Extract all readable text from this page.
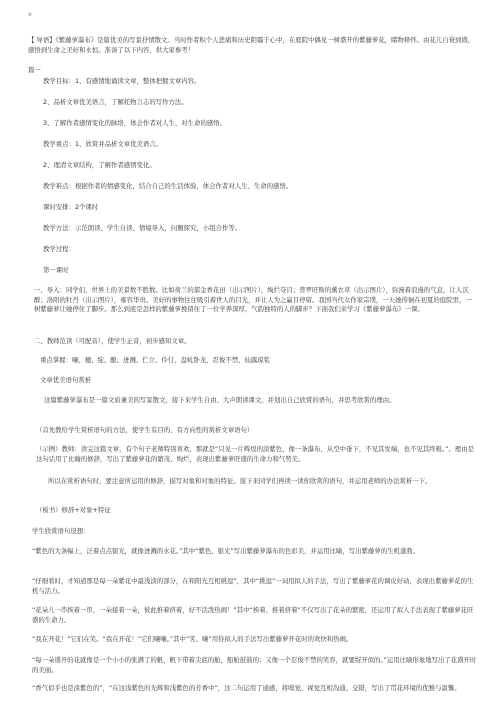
¤

【 导语】《紫藤萝瀑布》是篇优美的写景抒情散文。当时作者积个人悲痛和历史阴霾于心中，在庭院中偶见一树盛开的紫藤萝花，睹物释怀。由花儿自衰到盛，感悟到生命之美好和永恒。准备了以下内容，供大家参考！

篇一

教学目标：1、有感情地诵读文章，整体把握文章内容。

2、品析文章优美语言，了解托物言志的写作方法。

3、了解作者感情变化的脉络，体会作者对人生、对生命的感悟。

教学重点：1、欣赏并品析文章优美语言。

2、理清文章结构，了解作者感情变化。

教学难点：根据作者的情感变化，结合自己的生活体验，体会作者对人生、生命的感悟。

课时安排：2个课时

教学方法：示范朗读、学生自读、情境导入，问题探究，小组合作等。

教学过程：

第一课时

一、导入：同学们，世界上的美景数不胜数。比如荷兰的郁金香花田（出示图片），绚烂夺目；普罗旺斯的薰衣草（出示图片），弥漫着浪漫的气息，让人沉醉；洛阳的牡丹（出示图片），雍容华贵。美好的事物往往吸引着世人的目光，并让人为之赢目停留。我国当代女作家宗璞，一天她徘徊在初夏的庭院里，一树紫藤萝让她停住了脚步。那么到底是怎样的紫藤萝挽留住了一位学养深厚，气韵独特的人的脚步？下面我们来学习《紫藤萝瀑布》一课。

二、教师范读（可配音），使学生正音，初步感知文章。

重点掌握：嚷、穗、绽、酿、迸溅、伫立、伶仃、盘虬卧龙、忍俊不禁、仙露琼浆

文章优美语句赏析

这篇紫藤萝瀑布是一篇文质兼美的写景散文，接下来学生自由、大声朗读课文，并划出自己欣赏的语句，并思考欣赏的理由。

（首先教给学生赏析语句的方法，使学生有目的、有方向性的赏析文章语句）

（示例）教师：读完这篇文章，有个句子老师特别喜欢，那就是“只见一片辉煌的淡紫色，像一条瀑布，从空中垂下，不见其发端，也不见其终极。”。理由是这句话用了比喻的修辞，写出了紫藤萝花的繁茂、绚烂，表现出紫藤萝旺盛的生命力和气势美。

所以在赏析语句时，要注意所运用的修辞，描写对象和对象的特征。接下来同学们再读一读你欣赏的语句，并运用老师的办法赏析一下。

（板书）修辞+对象+特征

学生欣赏语句设想：

“紫色的大条幅上，泛着点点银光，就像迸溅的水花。”其中“紫色、银光”写出紫藤萝瀑布的色彩美，并运用比喻，写出紫藤萝的生机蓬勃。

“仔细看时，才知道那是每一朵紫花中最浅淡的部分，在和阳光互相挑逗”，其中“挑逗”一词用拟人的手法，写出了紫藤萝花的调皮好动，表现出紫藤萝花的生机与活力。

“花朵儿一串挨着一串，一朵接着一朵，彼此推着挤着，好不活泼热闹！”其中“挨着、推着挤着”不仅写出了花朵的繁密，还运用了拟人手法表现了紫藤萝花旺盛的生命力。

“我在开花！”它们在笑。“我在开花！”它们嚷嚷。”其中“笑、嚷”用你拟人的手法写出紫藤萝开花时的欢快和热闹。

“每一朵盛开的花就像是一个小小的张满了的帆，帆下带着尖底的舱，船舱鼓鼓的；又像一个忍俊不禁的笑容，就要绽开似的。”运用比喻形象地写出了花盛开时的美丽。

“香气似乎也是淡紫色的”，“在这浅紫色的光辉和浅紫色的芳香中”，这二句运用了通感，将嗅觉、视觉互相沟通、交错，写出了贯花环境的优雅与温馨。
